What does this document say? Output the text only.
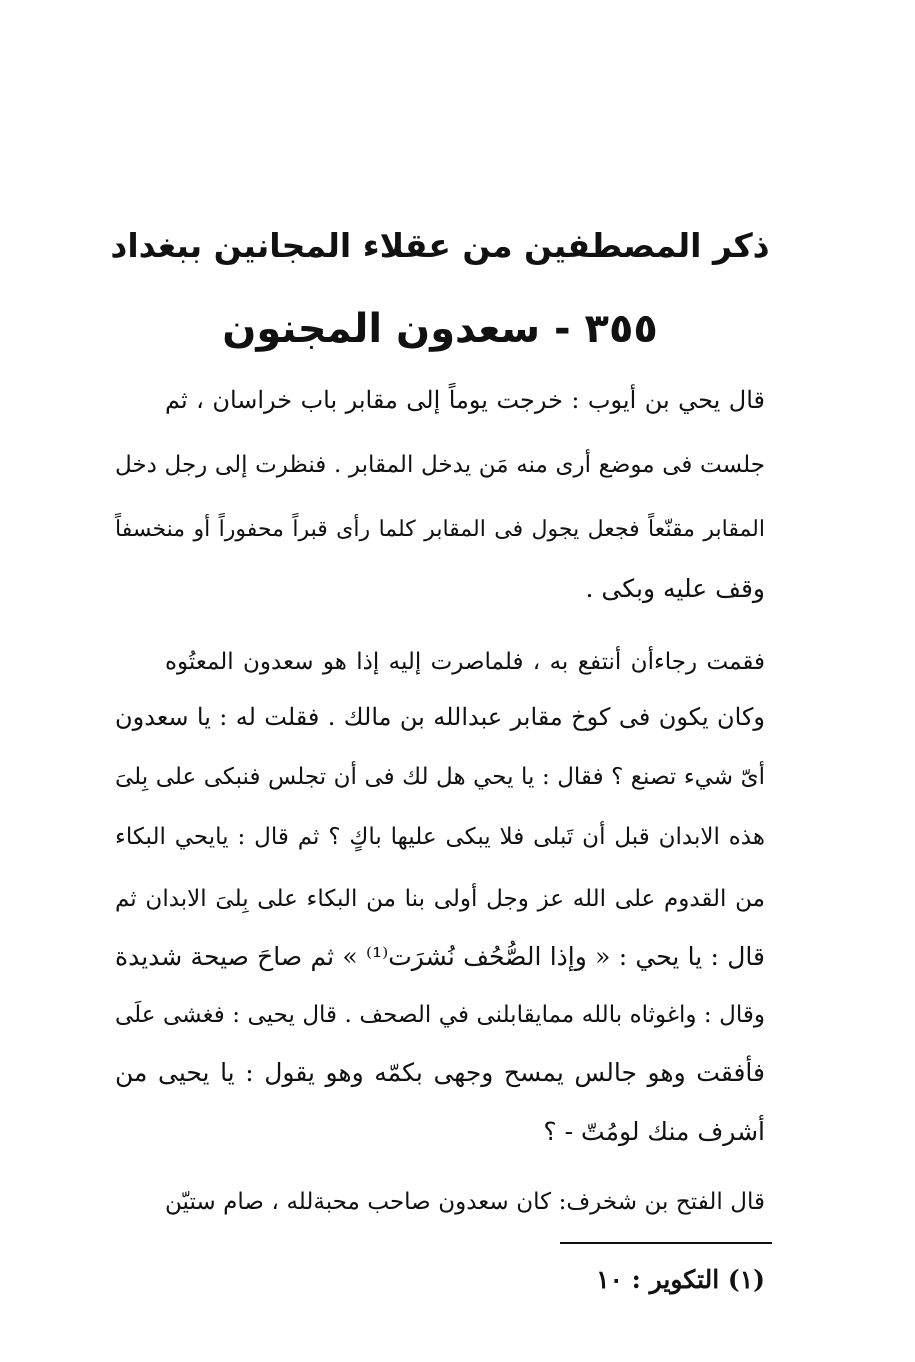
ذكر المصطفين من عقلاء المجانين ببغداد
٣٥٥ - سعدون المجنون
قال يحي بن أيوب : خرجت يوماً إلى مقابر باب خراسان ، ثم
جلست فى موضع أرى منه مَن يدخل المقابر . فنظرت إلى رجل دخل
المقابر مقنّعاً فجعل يجول فى المقابر كلما رأى قبراً محفوراً أو منخسفاً
وقف عليه وبكى .
فقمت رجاءأن أنتفع به ، فلماصرت إليه إذا هو سعدون المعتُوه
وكان يكون فى كوخ مقابر عبدالله بن مالك . فقلت له : يا سعدون
أىّ شيء تصنع ؟ فقال : يا يحي هل لك فى أن تجلس فنبكى على بِلىَ
هذه الابدان قبل أن تَبلى فلا يبكى عليها باكٍ ؟ ثم قال : يايحي البكاء
من القدوم على الله عز وجل أولى بنا من البكاء على بِلىَ الابدان ثم
قال : يا يحي : « وإذا الصُّحُف نُشرَت⁽¹⁾ » ثم صاحَ صيحة شديدة
وقال : واغوثاه بالله ممايقابلنى في الصحف . قال يحيى : فغشى علَى
فأفقت وهو جالس يمسح وجهى بكمّه وهو يقول : يا يحيى من
أشرف منك لومُتّ - ؟
قال الفتح بن شخرف: كان سعدون صاحب محبةلله ، صام ستيّن
(١) التكوير : ١٠
